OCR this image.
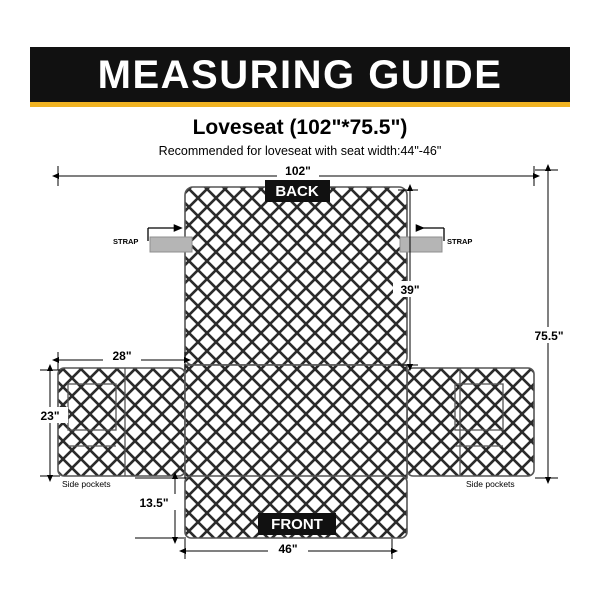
MEASURING GUIDE
Loveseat (102"*75.5")
Recommended for loveseat with seat width:44"-46"
STRAP	STRAP
BACK
FRONT
102"
75.5"
39"
28"
23"
13.5"
46"
Side pockets	Side pockets
